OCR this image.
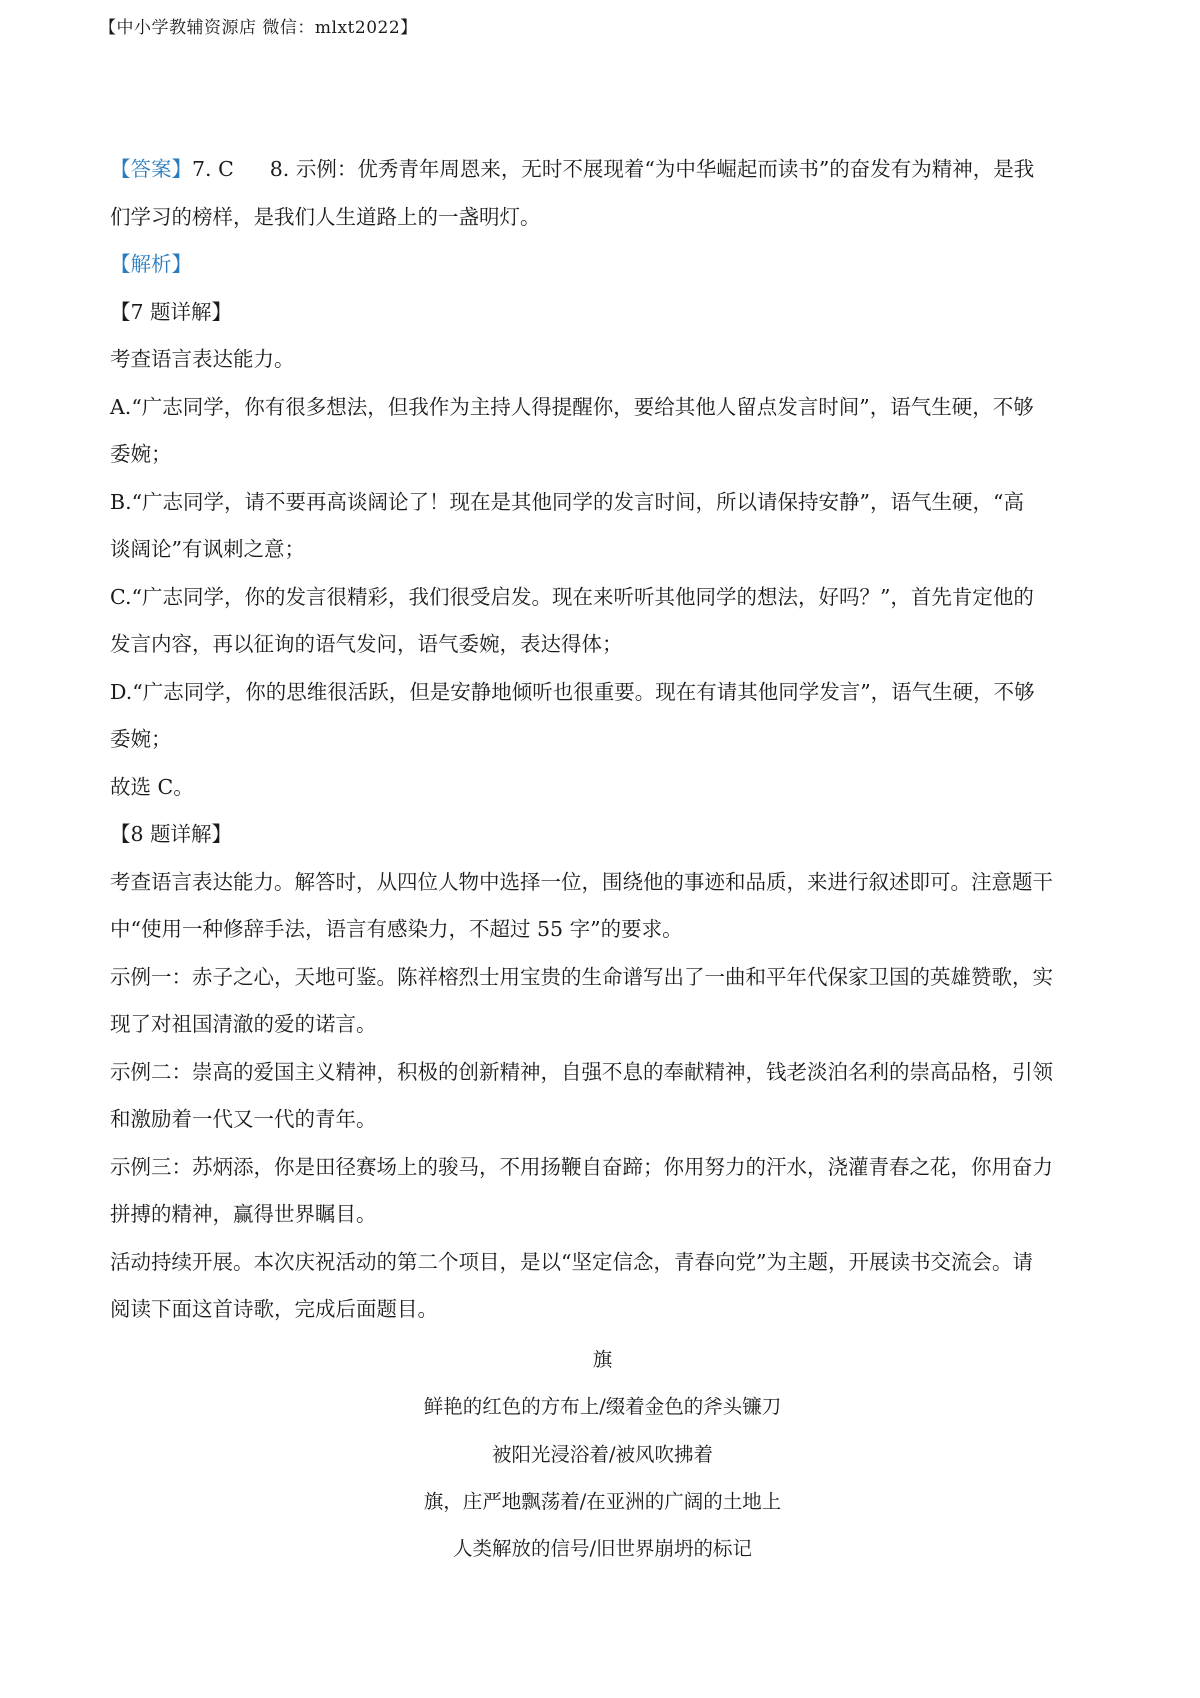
【中小学教辅资源店 微信：mlxt2022】

【答案】7. C 8. 示例：优秀青年周恩来，无时不展现着“为中华崛起而读书”的奋发有为精神，是我

们学习的榜样，是我们人生道路上的一盏明灯。

【解析】

【7 题详解】

考查语言表达能力。

A.“广志同学，你有很多想法，但我作为主持人得提醒你，要给其他人留点发言时间”，语气生硬，不够

委婉；

B.“广志同学，请不要再高谈阔论了！现在是其他同学的发言时间，所以请保持安静”，语气生硬，“高

谈阔论”有讽刺之意；

C.“广志同学，你的发言很精彩，我们很受启发。现在来听听其他同学的想法，好吗？”，首先肯定他的

发言内容，再以征询的语气发问，语气委婉，表达得体；

D.“广志同学，你的思维很活跃，但是安静地倾听也很重要。现在有请其他同学发言”，语气生硬，不够

委婉；

故选 C。

【8 题详解】

考查语言表达能力。解答时，从四位人物中选择一位，围绕他的事迹和品质，来进行叙述即可。注意题干

中“使用一种修辞手法，语言有感染力，不超过 55 字”的要求。

示例一：赤子之心，天地可鉴。陈祥榕烈士用宝贵的生命谱写出了一曲和平年代保家卫国的英雄赞歌，实

现了对祖国清澈的爱的诺言。

示例二：崇高的爱国主义精神，积极的创新精神，自强不息的奉献精神，钱老淡泊名利的崇高品格，引领

和激励着一代又一代的青年。

示例三：苏炳添，你是田径赛场上的骏马，不用扬鞭自奋蹄；你用努力的汗水，浇灌青春之花，你用奋力

拼搏的精神，赢得世界瞩目。

活动持续开展。本次庆祝活动的第二个项目，是以“坚定信念，青春向党”为主题，开展读书交流会。请

阅读下面这首诗歌，完成后面题目。

旗

鲜艳的红色的方布上/缀着金色的斧头镰刀

被阳光浸浴着/被风吹拂着

旗，庄严地飘荡着/在亚洲的广阔的土地上

人类解放的信号/旧世界崩坍的标记
